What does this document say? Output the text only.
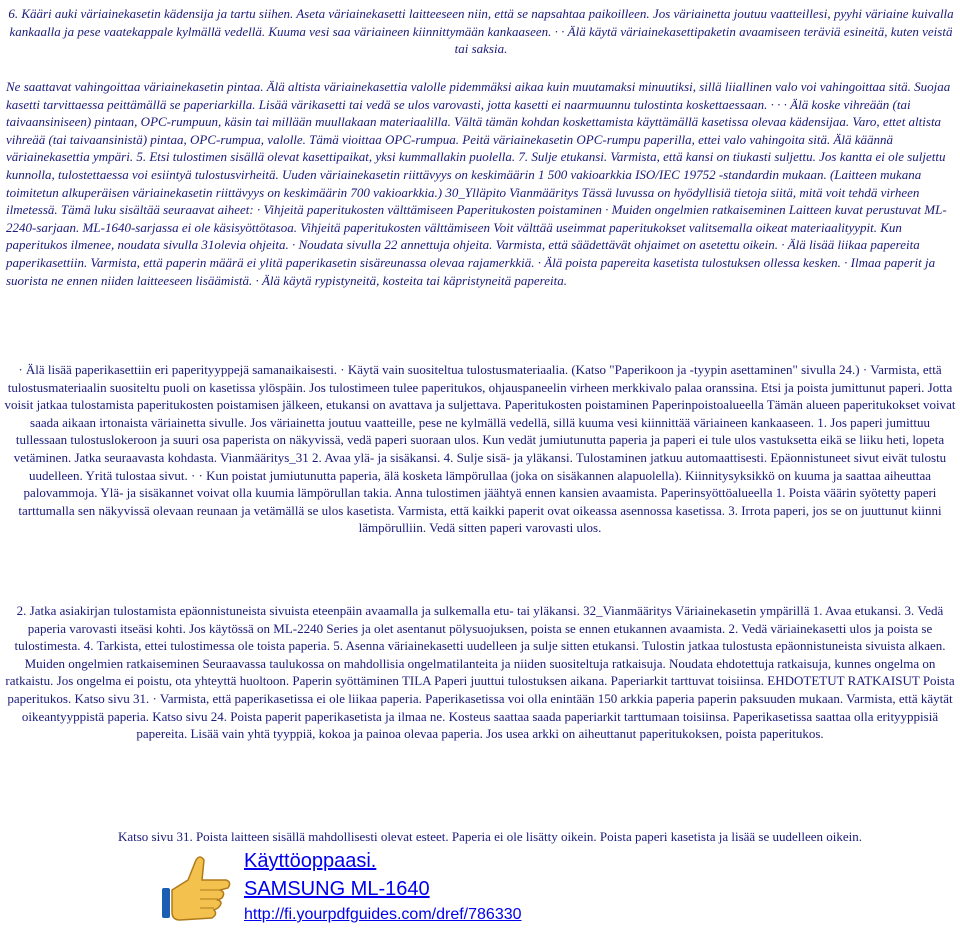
6. Kääri auki väriainekasetin kädensija ja tartu siihen. Aseta väriainekasetti laitteeseen niin, että se napsahtaa paikoilleen. Jos väriainetta joutuu vaatteillesi, pyyhi väriaine kuivalla kankaalla ja pese vaatekappale kylmällä vedellä. Kuuma vesi saa väriaineen kiinnittymään kankaaseen. · · Älä käytä väriainekasettipaketin avaamiseen teräviä esineitä, kuten veistä tai saksia.

Ne saattavat vahingoittaa väriainekasetin pintaa. Älä altista väriainekasettia valolle pidemmäksi aikaa kuin muutamaksi minuutiksi, sillä liiallinen valo voi vahingoittaa sitä. Suojaa kasetti tarvittaessa peittämällä se paperiarkilla. Lisää värikasetti tai vedä se ulos varovasti, jotta kasetti ei naarmuunnu tulostinta koskettaessaan. · · · Älä koske vihreään (tai taivaansiniseen) pintaan, OPC-rumpuun, käsin tai millään muullakaan materiaalilla. Vältä tämän kohdan koskettamista käyttämällä kasetissa olevaa kädensijaa. Varo, ettet altista vihreää (tai taivaansinistä) pintaa, OPC-rumpua, valolle. Tämä vioittaa OPC-rumpua. Peitä väriainekasetin OPC-rumpu paperilla, ettei valo vahingoita sitä. Älä käännä väriainekasettia ympäri. 5. Etsi tulostimen sisällä olevat kasettipaikat, yksi kummallakin puolella. 7. Sulje etukansi. Varmista, että kansi on tiukasti suljettu. Jos kantta ei ole suljettu kunnolla, tulostettaessa voi esiintyä tulostusvirheitä. Uuden väriainekasetin riittävyys on keskimäärin 1 500 vakioarkkia ISO/IEC 19752 -standardin mukaan. (Laitteen mukana toimitetun alkuperäisen väriainekasetin riittävyys on keskimäärin 700 vakioarkkia.) 30_Ylläpito Vianmääritys Tässä luvussa on hyödyllisiä tietoja siitä, mitä voit tehdä virheen ilmetessä. Tämä luku sisältää seuraavat aiheet: · Vihjeitä paperitukosten välttämiseen Paperitukosten poistaminen · Muiden ongelmien ratkaiseminen Laitteen kuvat perustuvat ML-2240-sarjaan. ML-1640-sarjassa ei ole käsisyöttötasoa. Vihjeitä paperitukosten välttämiseen Voit välttää useimmat paperitukokset valitsemalla oikeat materiaalityypit. Kun paperitukos ilmenee, noudata sivulla 31olevia ohjeita. · Noudata sivulla 22 annettuja ohjeita. Varmista, että säädettävät ohjaimet on asetettu oikein. · Älä lisää liikaa papereita paperikasettiin. Varmista, että paperin määrä ei ylitä paperikasetin sisäreunassa olevaa rajamerkkiä. · Älä poista papereita kasetista tulostuksen ollessa kesken. · Ilmaa paperit ja suorista ne ennen niiden laitteeseen lisäämistä. · Älä käytä rypistyneitä, kosteita tai käpristyneitä papereita.

· Älä lisää paperikasettiin eri paperityyppejä samanaikaisesti. · Käytä vain suositeltua tulostusmateriaalia. (Katso "Paperikoon ja -tyypin asettaminen" sivulla 24.) · Varmista, että tulostusmateriaalin suositeltu puoli on kasetissa ylöspäin. Jos tulostimeen tulee paperitukos, ohjauspaneelin virheen merkkivalo palaa oranssina. Etsi ja poista jumittunut paperi. Jotta voisit jatkaa tulostamista paperitukosten poistamisen jälkeen, etukansi on avattava ja suljettava. Paperitukosten poistaminen Paperinpoistoalueella Tämän alueen paperitukokset voivat saada aikaan irtonaista väriainetta sivulle. Jos väriainetta joutuu vaatteille, pese ne kylmällä vedellä, sillä kuuma vesi kiinnittää väriaineen kankaaseen. 1. Jos paperi jumittuu tullessaan tulostuslokeroon ja suuri osa paperista on näkyvissä, vedä paperi suoraan ulos. Kun vedät jumiutunutta paperia ja paperi ei tule ulos vastuksetta eikä se liiku heti, lopeta vetäminen. Jatka seuraavasta kohdasta. Vianmääritys_31 2. Avaa ylä- ja sisäkansi. 4. Sulje sisä- ja yläkansi. Tulostaminen jatkuu automaattisesti. Epäonnistuneet sivut eivät tulostu uudelleen. Yritä tulostaa sivut. · · Kun poistat jumiutunutta paperia, älä kosketa lämpörullaa (joka on sisäkannen alapuolella). Kiinnitysyksikkö on kuuma ja saattaa aiheuttaa palovammoja. Ylä- ja sisäkannet voivat olla kuumia lämpörullan takia. Anna tulostimen jäähtyä ennen kansien avaamista. Paperinsyöttöalueella 1. Poista väärin syötetty paperi tarttumalla sen näkyvissä olevaan reunaan ja vetämällä se ulos kasetista. Varmista, että kaikki paperit ovat oikeassa asennossa kasetissa. 3. Irrota paperi, jos se on juuttunut kiinni lämpörulliin. Vedä sitten paperi varovasti ulos.

2. Jatka asiakirjan tulostamista epäonnistuneista sivuista eteenpäin avaamalla ja sulkemalla etu- tai yläkansi. 32_Vianmääritys Väriainekasetin ympärillä 1. Avaa etukansi. 3. Vedä paperia varovasti itseäsi kohti. Jos käytössä on ML-2240 Series ja olet asentanut pölysuojuksen, poista se ennen etukannen avaamista. 2. Vedä väriainekasetti ulos ja poista se tulostimesta. 4. Tarkista, ettei tulostimessa ole toista paperia. 5. Asenna väriainekasetti uudelleen ja sulje sitten etukansi. Tulostin jatkaa tulostusta epäonnistuneista sivuista alkaen. Muiden ongelmien ratkaiseminen Seuraavassa taulukossa on mahdollisia ongelmatilanteita ja niiden suositeltuja ratkaisuja. Noudata ehdotettuja ratkaisuja, kunnes ongelma on ratkaistu. Jos ongelma ei poistu, ota yhteyttä huoltoon. Paperin syöttäminen TILA Paperi juuttui tulostuksen aikana. Paperiarkit tarttuvat toisiinsa. EHDOTETUT RATKAISUT Poista paperitukos. Katso sivu 31. · Varmista, että paperikasetissa ei ole liikaa paperia. Paperikasetissa voi olla enintään 150 arkkia paperia paperin paksuuden mukaan. Varmista, että käytät oikeantyyppistä paperia. Katso sivu 24. Poista paperit paperikasetista ja ilmaa ne. Kosteus saattaa saada paperiarkit tarttumaan toisiinsa. Paperikasetissa saattaa olla erityyppisiä papereita. Lisää vain yhtä tyyppiä, kokoa ja painoa olevaa paperia. Jos usea arkki on aiheuttanut paperitukoksen, poista paperitukos.

Katso sivu 31. Poista laitteen sisällä mahdollisesti olevat esteet. Paperia ei ole lisätty oikein. Poista paperi kasetista ja lisää se uudelleen oikein.

Käyttöoppaasi.
SAMSUNG ML-1640
http://fi.yourpdfguides.com/dref/786330
